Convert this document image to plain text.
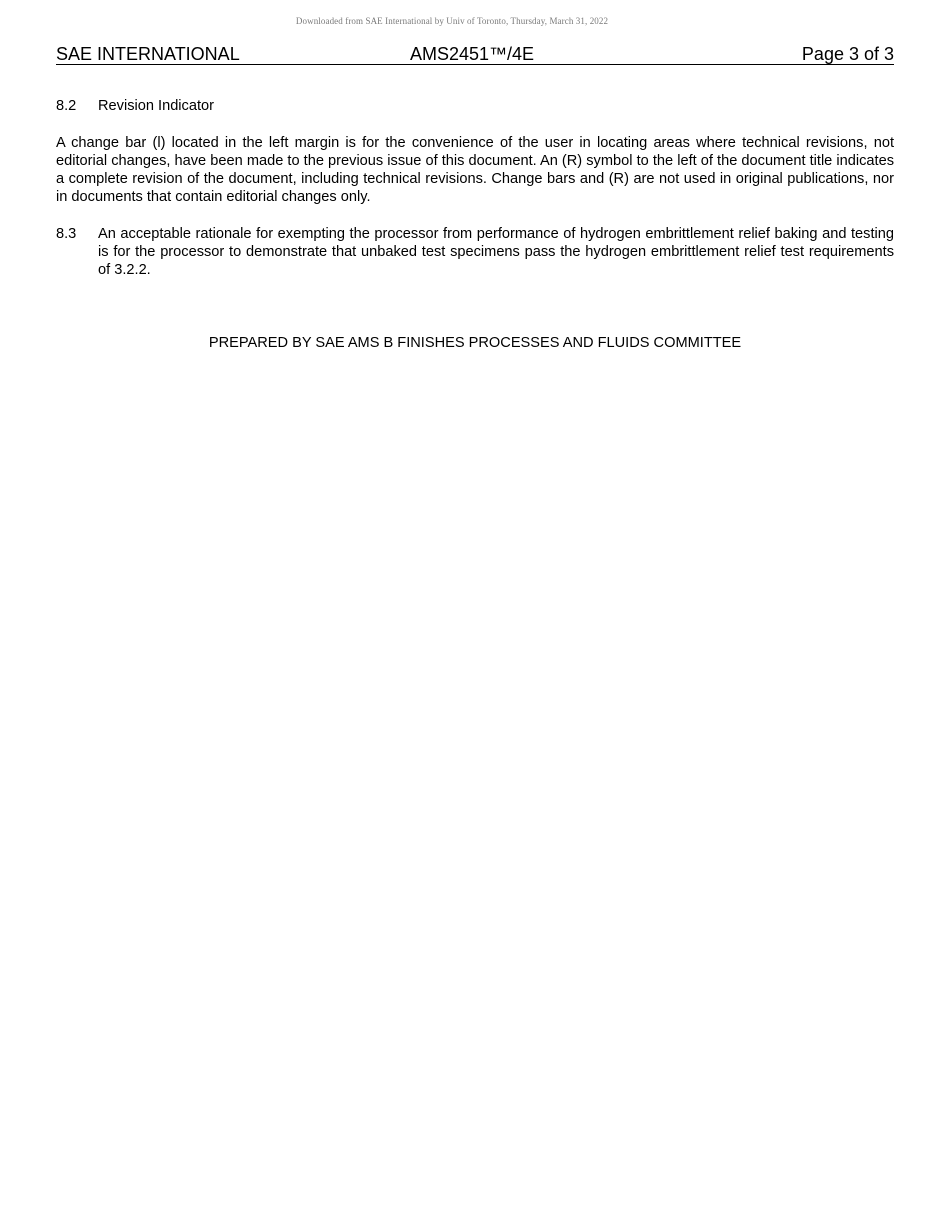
Downloaded from SAE International by Univ of Toronto, Thursday, March 31, 2022
SAE INTERNATIONAL	AMS2451™/4E	Page 3 of 3
8.2	Revision Indicator

A change bar (l) located in the left margin is for the convenience of the user in locating areas where technical revisions, not editorial changes, have been made to the previous issue of this document. An (R) symbol to the left of the document title indicates a complete revision of the document, including technical revisions. Change bars and (R) are not used in original publications, nor in documents that contain editorial changes only.

8.3	An acceptable rationale for exempting the processor from performance of hydrogen embrittlement relief baking and testing is for the processor to demonstrate that unbaked test specimens pass the hydrogen embrittlement relief test requirements of 3.2.2.
PREPARED BY SAE AMS B FINISHES PROCESSES AND FLUIDS COMMITTEE
